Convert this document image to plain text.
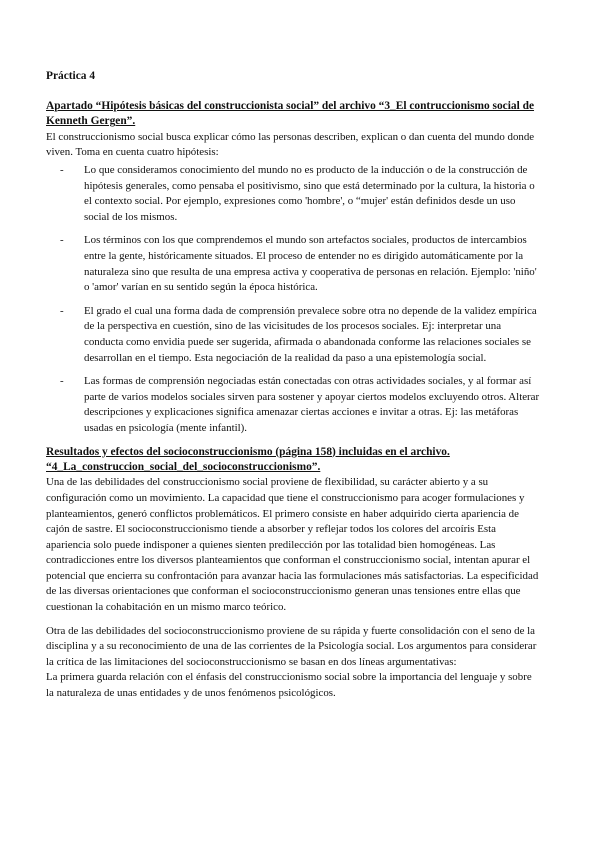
Práctica 4

Apartado “Hipótesis básicas del construccionista social” del archivo “3_El contruccionismo social de Kenneth Gergen”.

El construccionismo social busca explicar cómo las personas describen, explican o dan cuenta del mundo donde viven. Toma en cuenta cuatro hipótesis:

- Lo que consideramos conocimiento del mundo no es producto de la inducción o de la construcción de hipótesis generales, como pensaba el positivismo, sino que está determinado por la cultura, la historia o el contexto social. Por ejemplo, expresiones como 'hombre', o “mujer' están definidos desde un uso social de los mismos.
- Los términos con los que comprendemos el mundo son artefactos sociales, productos de intercambios entre la gente, históricamente situados. El proceso de entender no es dirigido automáticamente por la naturaleza sino que resulta de una empresa activa y cooperativa de personas en relación. Ejemplo: 'niño' o 'amor' varían en su sentido según la época histórica.
- El grado el cual una forma dada de comprensión prevalece sobre otra no depende de la validez empírica de la perspectiva en cuestión, sino de las vicisitudes de los procesos sociales. Ej: interpretar una conducta como envidia puede ser sugerida, afirmada o abandonada conforme las relaciones sociales se desarrollan en el tiempo. Esta negociación de la realidad da paso a una epistemología social.
- Las formas de comprensión negociadas están conectadas con otras actividades sociales, y al formar así parte de varios modelos sociales sirven para sostener y apoyar ciertos modelos excluyendo otros. Alterar descripciones y explicaciones significa amenazar ciertas acciones e invitar a otras. Ej: las metáforas usadas en psicología (mente infantil).

Resultados y efectos del socioconstruccionismo (página 158) incluidas en el archivo. “4_La_construccion_social_del_socioconstruccionismo”.

Una de las debilidades del construccionismo social proviene de flexibilidad, su carácter abierto y a su configuración como un movimiento. La capacidad que tiene el construccionismo para acoger formulaciones y planteamientos, generó conflictos problemáticos. El primero consiste en haber adquirido cierta apariencia de cajón de sastre. El socioconstruccionismo tiende a absorber y reflejar todos los colores del arcoíris Esta apariencia solo puede indisponer a quienes sienten predilección por las totalidad bien homogéneas. Las contradicciones entre los diversos planteamientos que conforman el construccionismo social, intentan apurar el potencial que encierra su confrontación para avanzar hacia las formulaciones más satisfactorias. La especificidad de las diversas orientaciones que conforman el socioconstruccionismo generan unas tensiones entre ellas que cuestionan la cohabitación en un mismo marco teórico.

Otra de las debilidades del socioconstruccionismo proviene de su rápida y fuerte consolidación con el seno de la disciplina y a su reconocimiento de una de las corrientes de la Psicología social. Los argumentos para considerar la crítica de las limitaciones del socioconstruccionismo se basan en dos líneas argumentativas:

La primera guarda relación con el énfasis del construccionismo social sobre la importancia del lenguaje y sobre la naturaleza de unas entidades y de unos fenómenos psicológicos.
